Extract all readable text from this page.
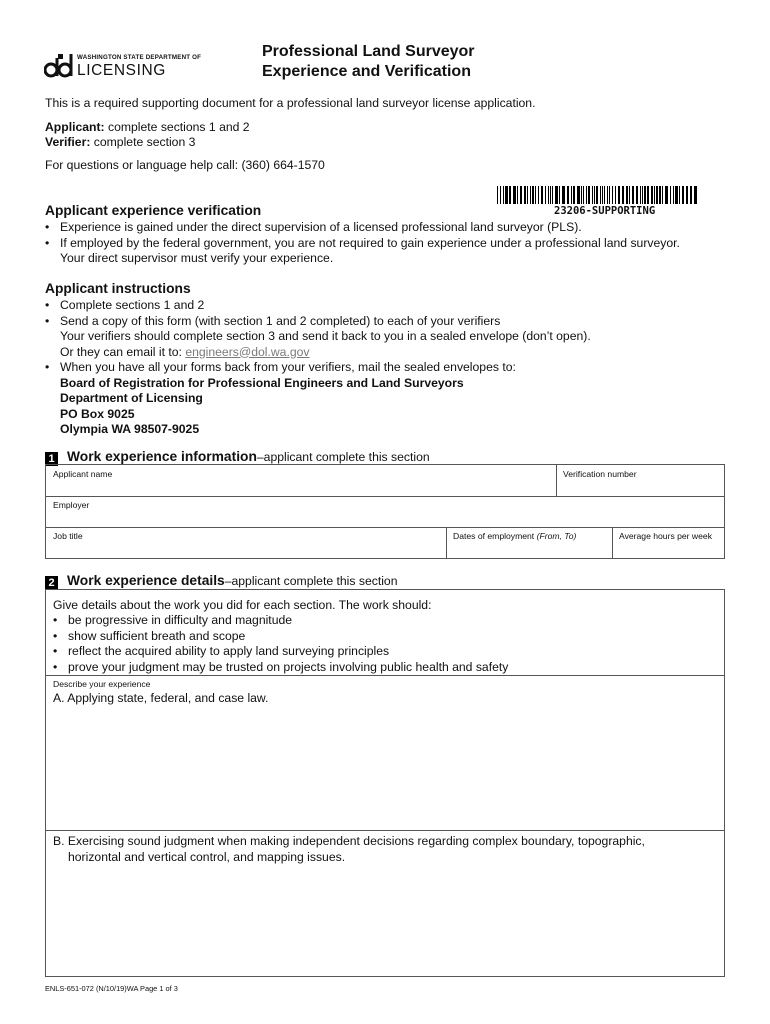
WASHINGTON STATE DEPARTMENT OF
LICENSING
Professional Land Surveyor
Experience and Verification
This is a required supporting document for a professional land surveyor license application.
Applicant: complete sections 1 and 2
Verifier: complete section 3
For questions or language help call: (360) 664-1570
23206-SUPPORTING
Applicant experience verification
• Experience is gained under the direct supervision of a licensed professional land surveyor (PLS).
• If employed by the federal government, you are not required to gain experience under a professional land surveyor.
Your direct supervisor must verify your experience.
Applicant instructions
• Complete sections 1 and 2
• Send a copy of this form (with section 1 and 2 completed) to each of your verifiers
Your verifiers should complete section 3 and send it back to you in a sealed envelope (don’t open).
Or they can email it to: engineers@dol.wa.gov
• When you have all your forms back from your verifiers, mail the sealed envelopes to:
Board of Registration for Professional Engineers and Land Surveyors
Department of Licensing
PO Box 9025
Olympia WA 98507-9025
1 Work experience information–applicant complete this section
Applicant name	Verification number
Employer
Job title	Dates of employment (From, To)	Average hours per week
2 Work experience details–applicant complete this section
Give details about the work you did for each section. The work should:
• be progressive in difficulty and magnitude
• show sufficient breath and scope
• reflect the acquired ability to apply land surveying principles
• prove your judgment may be trusted on projects involving public health and safety
Describe your experience
A. Applying state, federal, and case law.
B. Exercising sound judgment when making independent decisions regarding complex boundary, topographic,
horizontal and vertical control, and mapping issues.
ENLS-651-072 (N/10/19)WA Page 1 of 3
